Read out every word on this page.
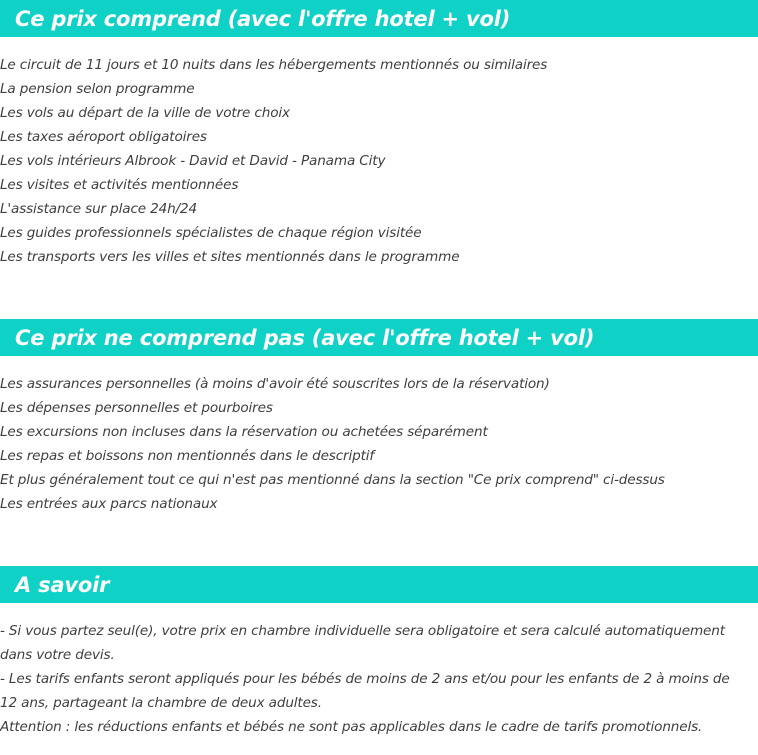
Ce prix comprend (avec l'offre hotel + vol)
Le circuit de 11 jours et 10 nuits dans les hébergements mentionnés ou similaires
La pension selon programme
Les vols au départ de la ville de votre choix
Les taxes aéroport obligatoires
Les vols intérieurs Albrook - David et David - Panama City
Les visites et activités mentionnées
L'assistance sur place 24h/24
Les guides professionnels spécialistes de chaque région visitée
Les transports vers les villes et sites mentionnés dans le programme
Ce prix ne comprend pas (avec l'offre hotel + vol)
Les assurances personnelles (à moins d'avoir été souscrites lors de la réservation)
Les dépenses personnelles et pourboires
Les excursions non incluses dans la réservation ou achetées séparément
Les repas et boissons non mentionnés dans le descriptif
Et plus généralement tout ce qui n'est pas mentionné dans la section "Ce prix comprend" ci-dessus
Les entrées aux parcs nationaux
A savoir

- Si vous partez seul(e), votre prix en chambre individuelle sera obligatoire et sera calculé automatiquement dans votre devis.

- Les tarifs enfants seront appliqués pour les bébés de moins de 2 ans et/ou pour les enfants de 2 à moins de 12 ans, partageant la chambre de deux adultes.

Attention : les réductions enfants et bébés ne sont pas applicables dans le cadre de tarifs promotionnels.
